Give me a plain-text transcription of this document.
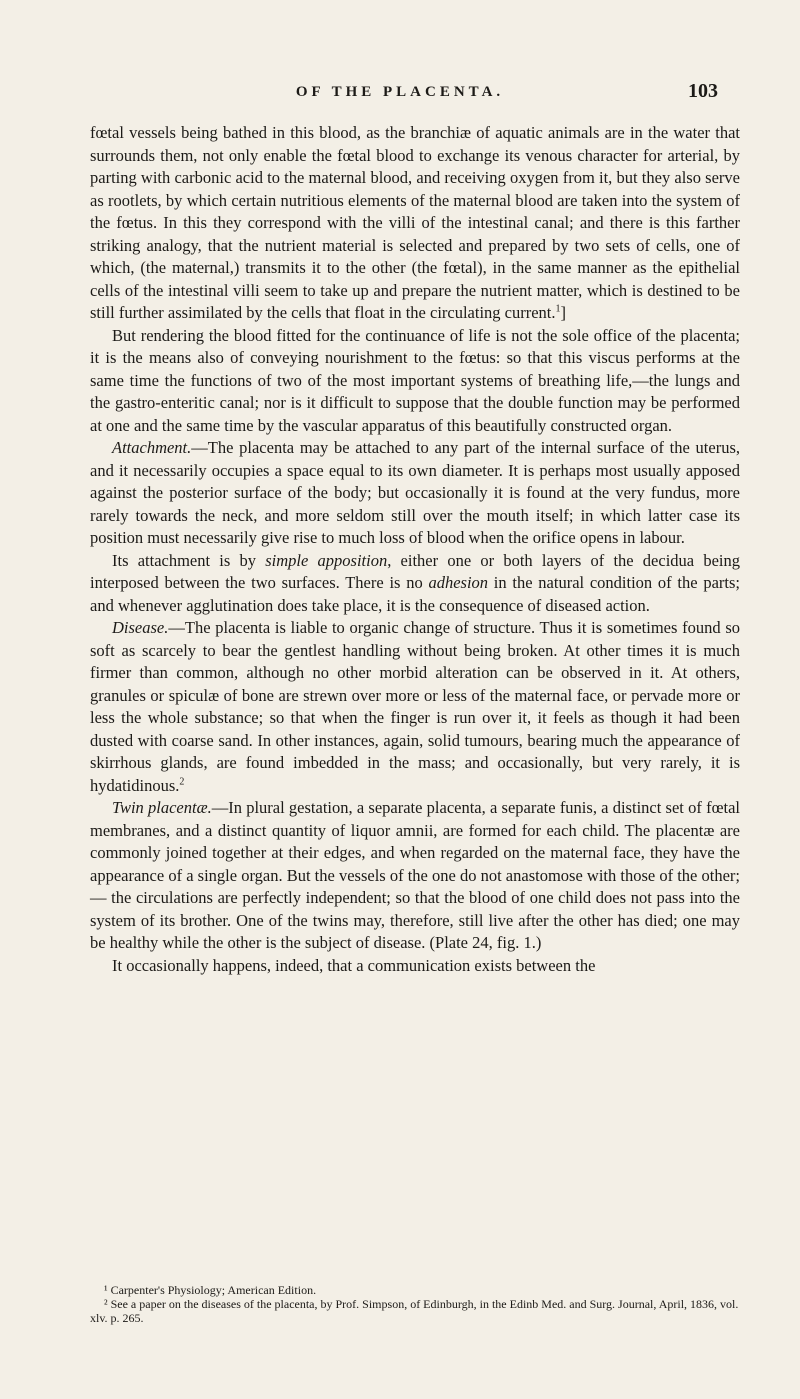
OF THE PLACENTA.	103

fœtal vessels being bathed in this blood, as the branchiæ of aquatic animals are in the water that surrounds them, not only enable the fœtal blood to exchange its venous character for arterial, by parting with carbonic acid to the maternal blood, and receiving oxygen from it, but they also serve as rootlets, by which certain nutritious elements of the maternal blood are taken into the system of the fœtus. In this they correspond with the villi of the intestinal canal; and there is this farther striking analogy, that the nutrient material is selected and prepared by two sets of cells, one of which, (the maternal,) transmits it to the other (the fœtal), in the same manner as the epithelial cells of the intestinal villi seem to take up and prepare the nutrient matter, which is destined to be still further assimilated by the cells that float in the circulating current.$^1$]

But rendering the blood fitted for the continuance of life is not the sole office of the placenta; it is the means also of conveying nourishment to the fœtus: so that this viscus performs at the same time the functions of two of the most important systems of breathing life,—the lungs and the gastro-enteritic canal; nor is it difficult to suppose that the double function may be performed at one and the same time by the vascular apparatus of this beautifully constructed organ.

Attachment.—The placenta may be attached to any part of the internal surface of the uterus, and it necessarily occupies a space equal to its own diameter. It is perhaps most usually apposed against the posterior surface of the body; but occasionally it is found at the very fundus, more rarely towards the neck, and more seldom still over the mouth itself; in which latter case its position must necessarily give rise to much loss of blood when the orifice opens in labour.

Its attachment is by simple apposition, either one or both layers of the decidua being interposed between the two surfaces. There is no adhesion in the natural condition of the parts; and whenever agglutination does take place, it is the consequence of diseased action.

Disease.—The placenta is liable to organic change of structure. Thus it is sometimes found so soft as scarcely to bear the gentlest handling without being broken. At other times it is much firmer than common, although no other morbid alteration can be observed in it. At others, granules or spiculæ of bone are strewn over more or less of the maternal face, or pervade more or less the whole substance; so that when the finger is run over it, it feels as though it had been dusted with coarse sand. In other instances, again, solid tumours, bearing much the appearance of skirrhous glands, are found imbedded in the mass; and occasionally, but very rarely, it is hydatidinous.$^2$

Twin placentæ.—In plural gestation, a separate placenta, a separate funis, a distinct set of fœtal membranes, and a distinct quantity of liquor amnii, are formed for each child. The placentæ are commonly joined together at their edges, and when regarded on the maternal face, they have the appearance of a single organ. But the vessels of the one do not anastomose with those of the other; — the circulations are perfectly independent; so that the blood of one child does not pass into the system of its brother. One of the twins may, therefore, still live after the other has died; one may be healthy while the other is the subject of disease. (Plate 24, fig. 1.)

It occasionally happens, indeed, that a communication exists between the

¹ Carpenter's Physiology; American Edition.

² See a paper on the diseases of the placenta, by Prof. Simpson, of Edinburgh, in the Edinb Med. and Surg. Journal, April, 1836, vol. xlv. p. 265.
